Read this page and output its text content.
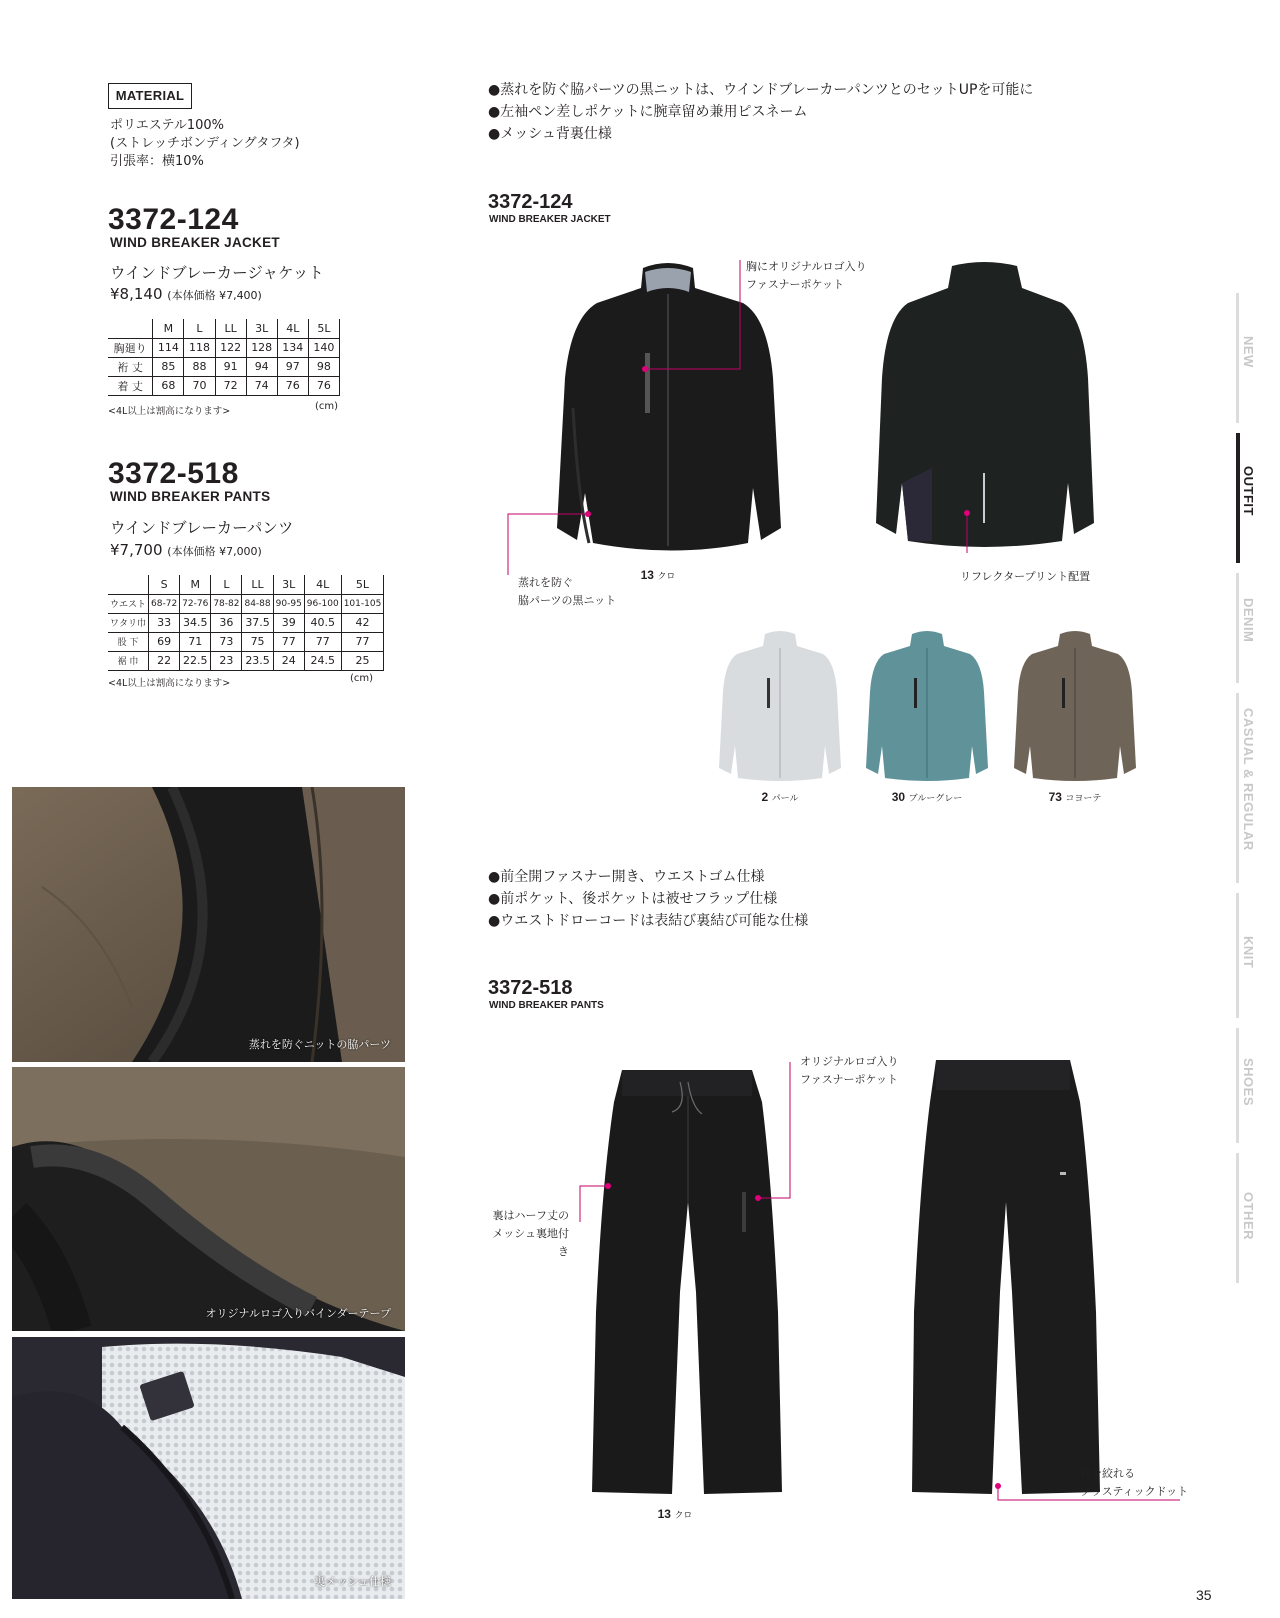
MATERIAL
ポリエステル100%
(ストレッチボンディングタフタ)
引張率：横10%
3372-124
WIND BREAKER JACKET
ウインドブレーカージャケット
¥8,140 (本体価格 ¥7,400)
	M	L	LL	3L	4L	5L
胸廻り	114	118	122	128	134	140
裄 丈	85	88	91	94	97	98
着 丈	68	70	72	74	76	76
<4L以上は割高になります>	(cm)
3372-518
WIND BREAKER PANTS
ウインドブレーカーパンツ
¥7,700 (本体価格 ¥7,000)
	S	M	L	LL	3L	4L	5L
ウエスト	68-72	72-76	78-82	84-88	90-95	96-100	101-105
ワタリ巾	33	34.5	36	37.5	39	40.5	42
股 下	69	71	73	75	77	77	77
裾 巾	22	22.5	23	23.5	24	24.5	25
<4L以上は割高になります>	(cm)
蒸れを防ぐニットの脇パーツ
オリジナルロゴ入りバインダーテープ
裏メッシュ仕様
●蒸れを防ぐ脇パーツの黒ニットは、ウインドブレーカーパンツとのセットUPを可能に
●左袖ペン差しポケットに腕章留め兼用ピスネーム
●メッシュ背裏仕様
3372-124
WIND BREAKER JACKET
13 クロ
胸にオリジナルロゴ入り
ファスナーポケット
蒸れを防ぐ
脇パーツの黒ニット
リフレクタープリント配置
2 パール	30 ブルーグレー	73 コヨーテ
●前全開ファスナー開き、ウエストゴム仕様
●前ポケット、後ポケットは被せフラップ仕様
●ウエストドローコードは表結び裏結び可能な仕様
3372-518
WIND BREAKER PANTS
13 クロ
オリジナルロゴ入り
ファスナーポケット
裏はハーフ丈の
メッシュ裏地付き
裾を絞れる
プラスティックドット
NEW
OUTFIT
DENIM
CASUAL & REGULAR
KNIT
SHOES
OTHER
35
